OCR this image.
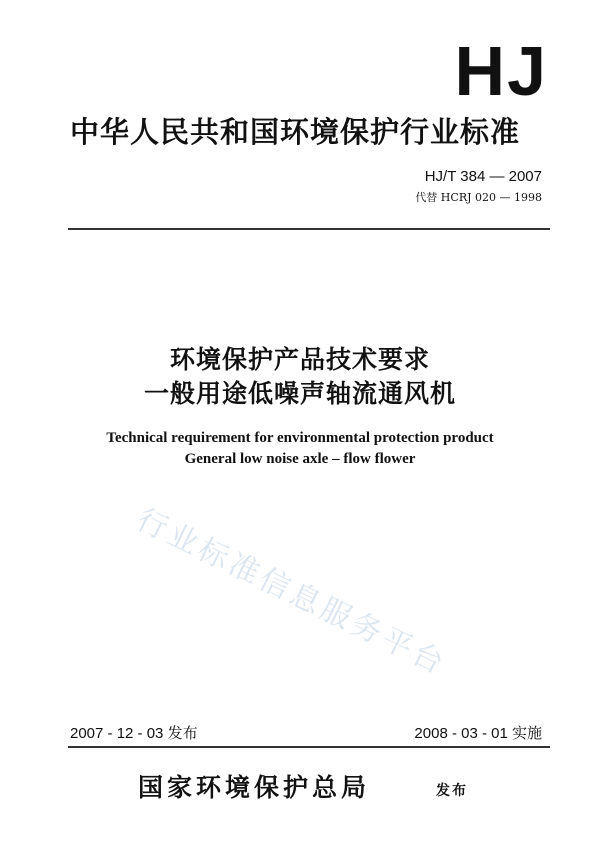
HJ
中华人民共和国环境保护行业标准
HJ/T 384 — 2007
代替 HCRJ 020 — 1998
环境保护产品技术要求
一般用途低噪声轴流通风机
Technical requirement for environmental protection product
General low noise axle – flow flower
行业标准信息服务平台
2007 - 12 - 03 发布	2008 - 03 - 01 实施
国家环境保护总局	发布
